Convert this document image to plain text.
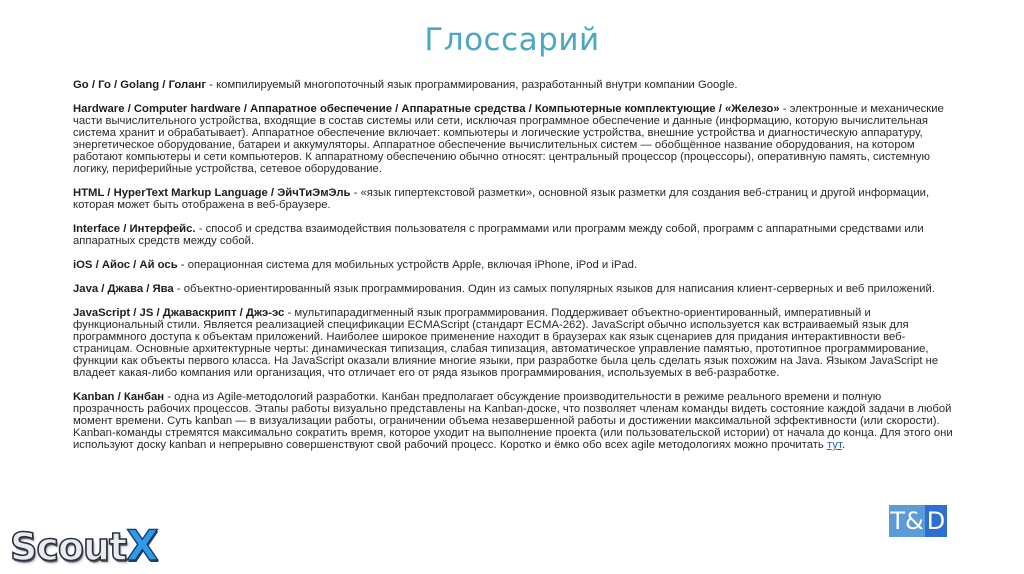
Глоссарий

Go / Го / Golang / Голанг - компилируемый многопоточный язык программирования, разработанный внутри компании Google.

Hardware / Computer hardware / Аппаратное обеспечение / Аппаратные средства / Компьютерные комплектующие / «Железо» - электронные и механические части вычислительного устройства, входящие в состав системы или сети, исключая программное обеспечение и данные (информацию, которую вычислительная система хранит и обрабатывает). Аппаратное обеспечение включает: компьютеры и логические устройства, внешние устройства и диагностическую аппаратуру, энергетическое оборудование, батареи и аккумуляторы. Аппаратное обеспечение вычислительных систем — обобщённое название оборудования, на котором работают компьютеры и сети компьютеров. К аппаратному обеспечению обычно относят: центральный процессор (процессоры), оперативную память, системную логику, периферийные устройства, сетевое оборудование.

HTML / HyperText Markup Language / ЭйчТиЭмЭль - «язык гипертекстовой разметки», основной язык разметки для создания веб-страниц и другой информации, которая может быть отображена в веб-браузере.

Interface / Интерфейс. - способ и средства взаимодействия пользователя с программами или программ между собой, программ с аппаратными средствами или аппаратных средств между собой.

iOS / Айос / Ай ось - операционная система для мобильных устройств Apple, включая iPhone, iPod и iPad.

Java / Джава / Ява - объектно-ориентированный язык программирования. Один из самых популярных языков для написания клиент-серверных и веб приложений.

JavaScript / JS / Джаваскрипт / Джэ-эс - мультипарадигменный язык программирования. Поддерживает объектно-ориентированный, императивный и функциональный стили. Является реализацией спецификации ECMAScript (стандарт ECMA-262). JavaScript обычно используется как встраиваемый язык для программного доступа к объектам приложений. Наиболее широкое применение находит в браузерах как язык сценариев для придания интерактивности веб-страницам. Основные архитектурные черты: динамическая типизация, слабая типизация, автоматическое управление памятью, прототипное программирование, функции как объекты первого класса. На JavaScript оказали влияние многие языки, при разработке была цель сделать язык похожим на Java. Языком JavaScript не владеет какая-либо компания или организация, что отличает его от ряда языков программирования, используемых в веб-разработке.

Kanban / Канбан - одна из Agile-методологий разработки. Канбан предполагает обсуждение производительности в режиме реального времени и полную прозрачность рабочих процессов. Этапы работы визуально представлены на Kanban-доске, что позволяет членам команды видеть состояние каждой задачи в любой момент времени. Суть kanban — в визуализации работы, ограничении объема незавершенной работы и достижении максимальной эффективности (или скорости). Kanban-команды стремятся максимально сократить время, которое уходит на выполнение проекта (или пользовательской истории) от начала до конца. Для этого они используют доску kanban и непрерывно совершенствуют свой рабочий процесс. Коротко и ёмко обо всех agile методологиях можно прочитать тут.

Scout X	T& D
